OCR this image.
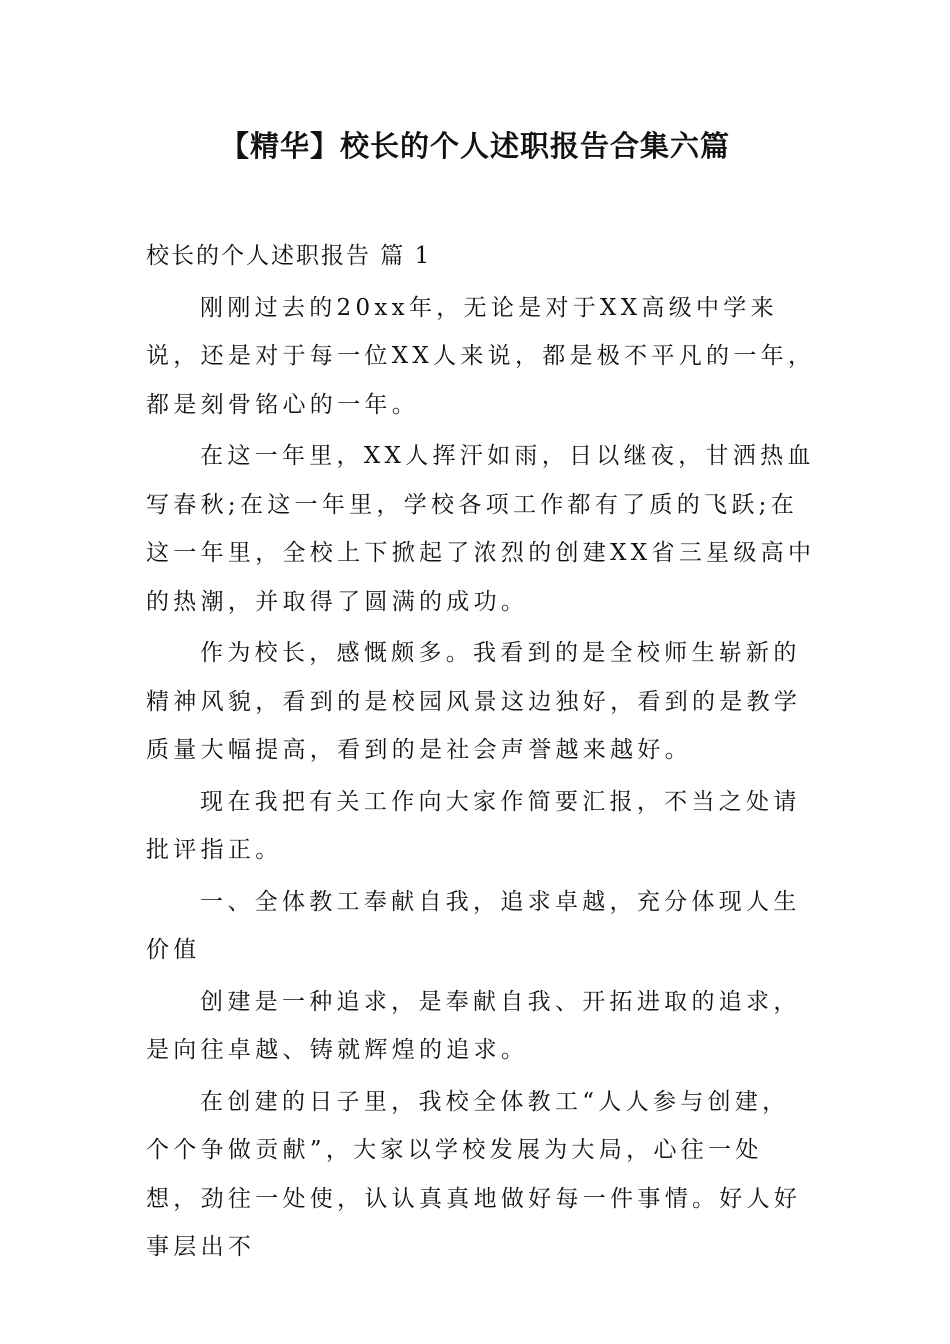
【精华】校长的个人述职报告合集六篇

校长的个人述职报告 篇 1

刚刚过去的20xx年，无论是对于XX高级中学来说，还是对于每一位XX人来说，都是极不平凡的一年，都是刻骨铭心的一年。

在这一年里，XX人挥汗如雨，日以继夜，甘洒热血写春秋;在这一年里，学校各项工作都有了质的飞跃;在这一年里，全校上下掀起了浓烈的创建XX省三星级高中的热潮，并取得了圆满的成功。

作为校长，感慨颇多。我看到的是全校师生崭新的精神风貌，看到的是校园风景这边独好，看到的是教学质量大幅提高，看到的是社会声誉越来越好。

现在我把有关工作向大家作简要汇报，不当之处请批评指正。

一、全体教工奉献自我，追求卓越，充分体现人生价值

创建是一种追求，是奉献自我、开拓进取的追求，是向往卓越、铸就辉煌的追求。

在创建的日子里，我校全体教工“人人参与创建，个个争做贡献”，大家以学校发展为大局，心往一处想，劲往一处使，认认真真地做好每一件事情。好人好事层出不
